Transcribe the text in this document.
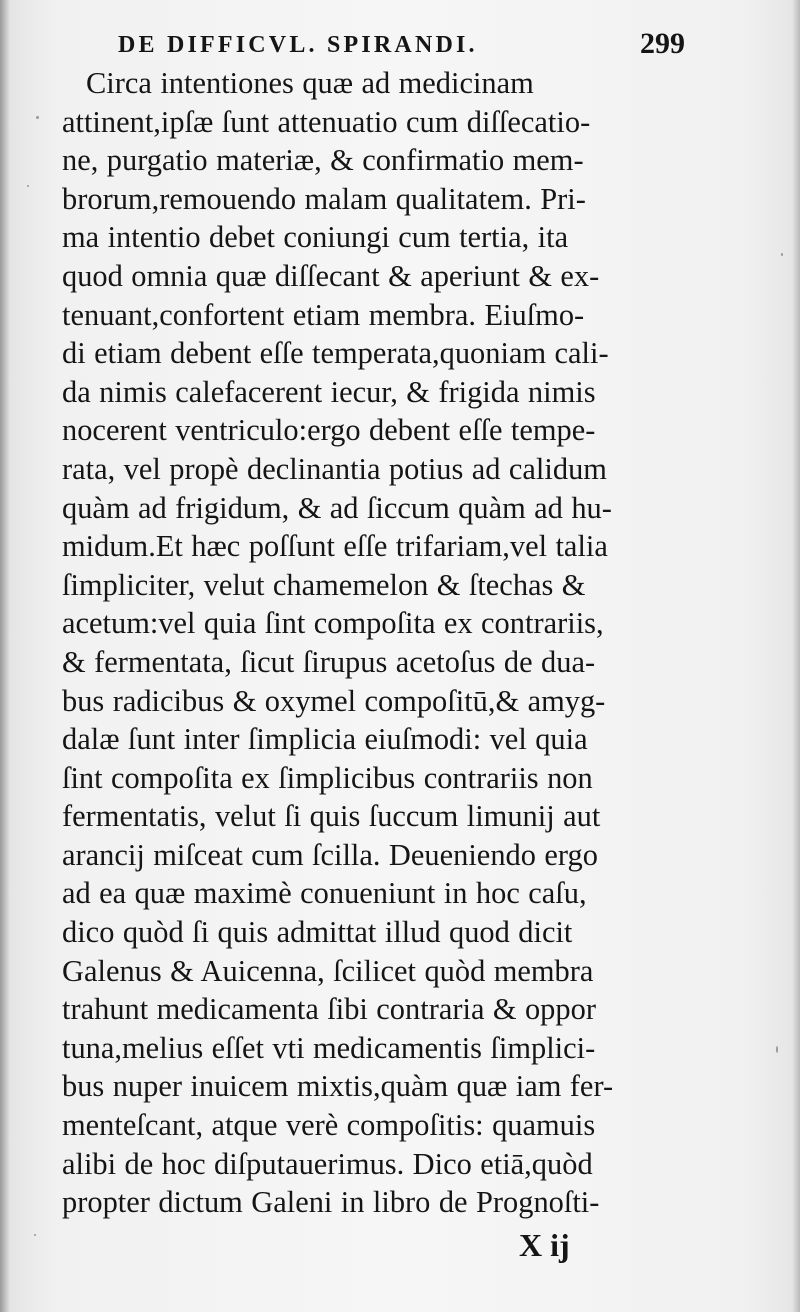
DE DIFFICVL. SPIRANDI.	299
Circa intentiones quæ ad medicinam
attinent,ipſæ ſunt attenuatio cum diſſecatio-
ne, purgatio materiæ, & confirmatio mem-
brorum,remouendo malam qualitatem. Pri-
ma intentio debet coniungi cum tertia, ita
quod omnia quæ diſſecant & aperiunt & ex-
tenuant,confortent etiam membra. Eiuſmo-
di etiam debent eſſe temperata,quoniam cali-
da nimis calefacerent iecur, & frigida nimis
nocerent ventriculo:ergo debent eſſe tempe-
rata, vel propè declinantia potius ad calidum
quàm ad frigidum, & ad ſiccum quàm ad hu-
midum.Et hæc poſſunt eſſe trifariam,vel talia
ſimpliciter, velut chamemelon & ſtechas &
acetum:vel quia ſint compoſita ex contrariis,
& fermentata, ſicut ſirupus acetoſus de dua-
bus radicibus & oxymel compoſitū,& amyg-
dalæ ſunt inter ſimplicia eiuſmodi: vel quia
ſint compoſita ex ſimplicibus contrariis non
fermentatis, velut ſi quis ſuccum limunij aut
arancij miſceat cum ſcilla. Deueniendo ergo
ad ea quæ maximè conueniunt in hoc caſu,
dico quòd ſi quis admittat illud quod dicit
Galenus & Auicenna, ſcilicet quòd membra
trahunt medicamenta ſibi contraria & oppor
tuna,melius eſſet vti medicamentis ſimplici-
bus nuper inuicem mixtis,quàm quæ iam fer-
menteſcant, atque verè compoſitis: quamuis
alibi de hoc diſputauerimus. Dico etiā,quòd
propter dictum Galeni in libro de Prognoſti-
X ij
